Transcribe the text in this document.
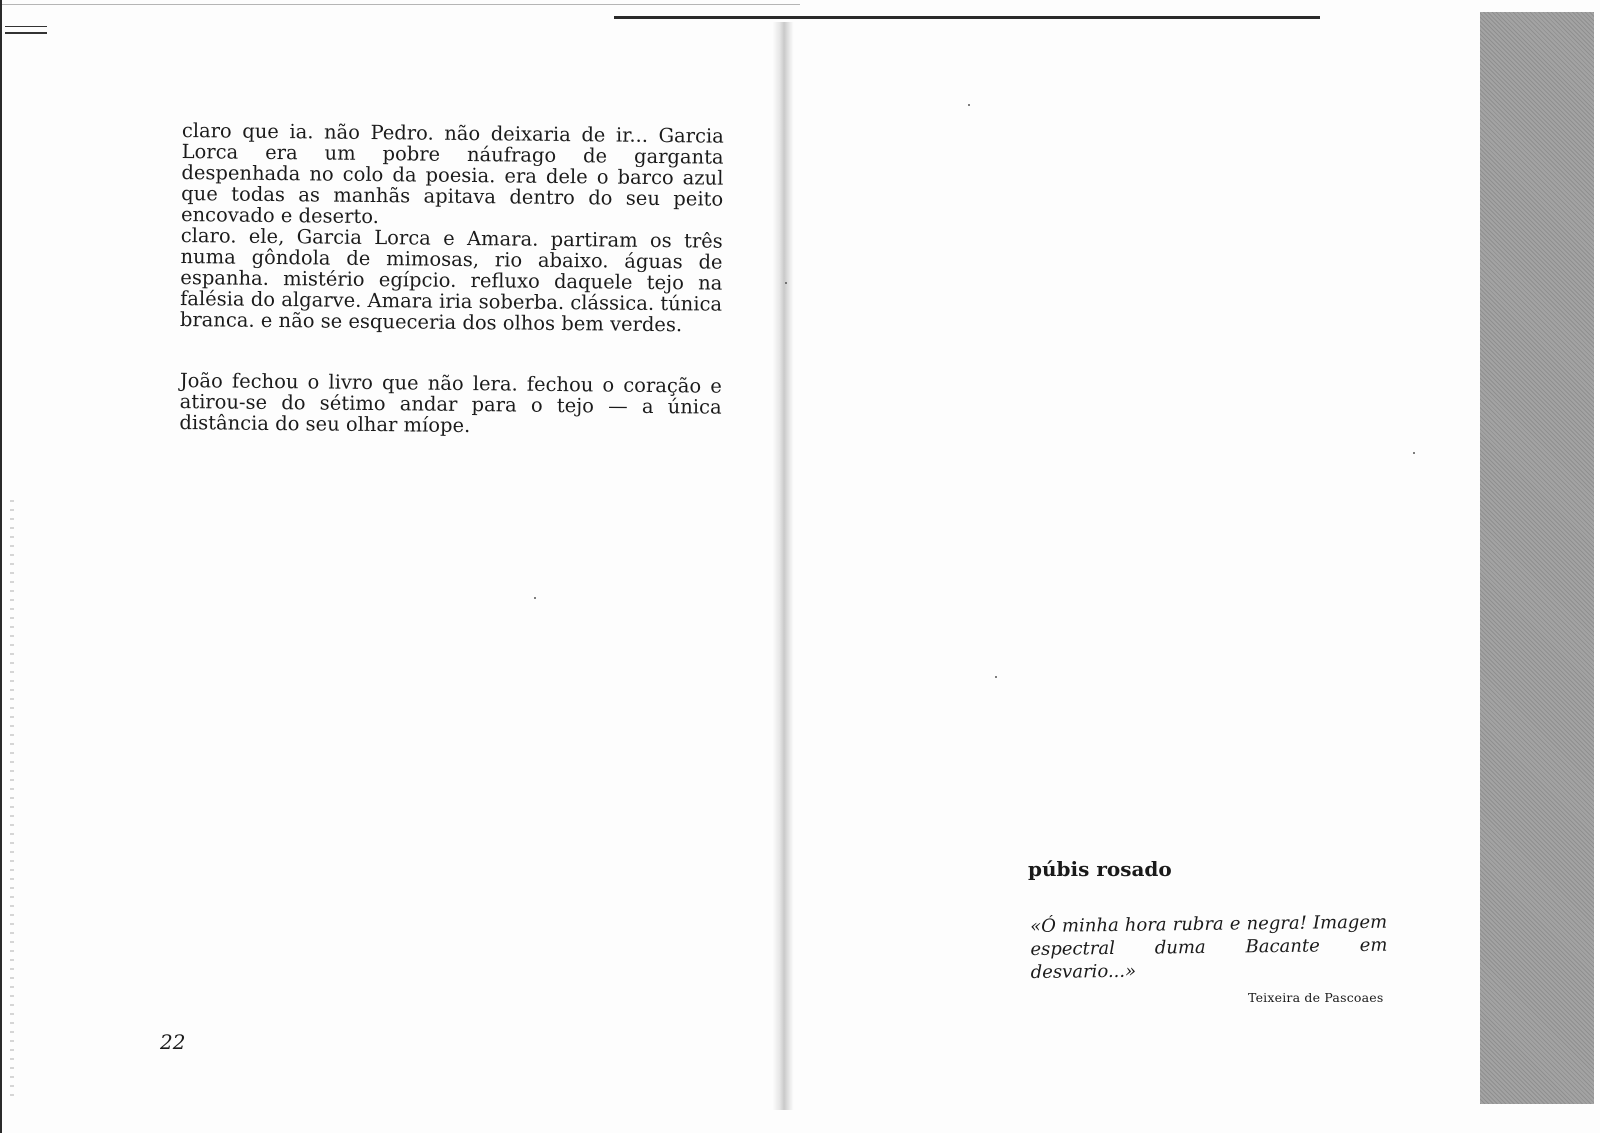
claro que ia. não Pedro. não deixaria de ir... Garcia Lorca era um pobre náufrago de garganta despenhada no colo da poesia. era dele o barco azul que todas as manhãs apitava dentro do seu peito encovado e deserto.

claro. ele, Garcia Lorca e Amara. partiram os três numa gôndola de mimosas, rio abaixo. águas de espanha. mistério egípcio. refluxo daquele tejo na falésia do algarve. Amara iria soberba. clássica. túnica branca. e não se esqueceria dos olhos bem verdes.

João fechou o livro que não lera. fechou o coração e atirou-se do sétimo andar para o tejo — a única distância do seu olhar míope.

22
púbis rosado
«Ó minha hora rubra e negra! Imagem espectral duma Bacante em desvario...»
Teixeira de Pascoaes
